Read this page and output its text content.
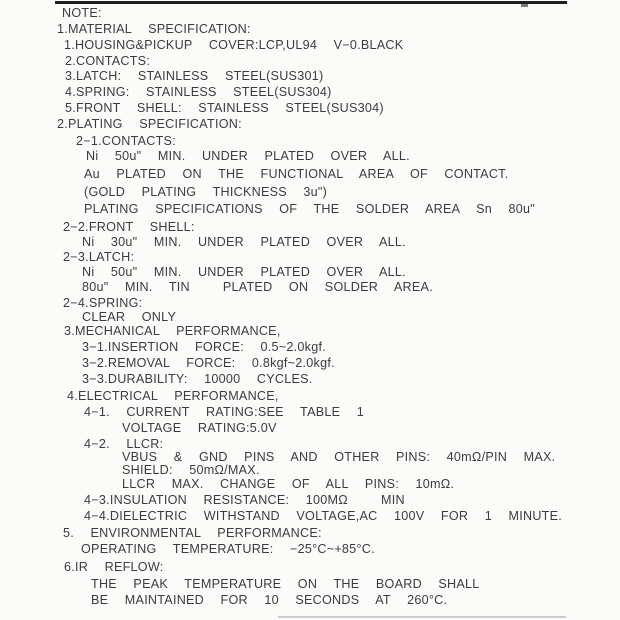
NOTE:
1.MATERIAL  SPECIFICATION:
1.HOUSING&PICKUP  COVER:LCP,UL94  V−0.BLACK
2.CONTACTS:
3.LATCH:  STAINLESS  STEEL(SUS301)
4.SPRING:  STAINLESS  STEEL(SUS304)
5.FRONT  SHELL:  STAINLESS  STEEL(SUS304)
2.PLATING  SPECIFICATION:
2−1.CONTACTS:
Ni  50u"  MIN.  UNDER  PLATED  OVER  ALL.
Au  PLATED  ON  THE  FUNCTIONAL  AREA  OF  CONTACT.
(GOLD  PLATING  THICKNESS  3u")
PLATING  SPECIFICATIONS  OF  THE  SOLDER  AREA  Sn  80u"
2−2.FRONT  SHELL:
Ni  30u"  MIN.  UNDER  PLATED  OVER  ALL.
2−3.LATCH:
Ni  50u"  MIN.  UNDER  PLATED  OVER  ALL.
80u"  MIN.  TIN    PLATED  ON  SOLDER  AREA.
2−4.SPRING:
CLEAR  ONLY
3.MECHANICAL  PERFORMANCE,
3−1.INSERTION  FORCE:  0.5~2.0kgf.
3−2.REMOVAL  FORCE:  0.8kgf~2.0kgf.
3−3.DURABILITY:  10000  CYCLES.
4.ELECTRICAL  PERFORMANCE,
4−1.  CURRENT  RATING:SEE  TABLE  1
VOLTAGE  RATING:5.0V
4−2.  LLCR:
VBUS  &  GND  PINS  AND  OTHER  PINS:  40mΩ/PIN  MAX.
SHIELD:  50mΩ/MAX.
LLCR  MAX.  CHANGE  OF  ALL  PINS:  10mΩ.
4−3.INSULATION  RESISTANCE:  100MΩ    MIN
4−4.DIELECTRIC  WITHSTAND  VOLTAGE,AC  100V  FOR  1  MINUTE.
5.  ENVIRONMENTAL  PERFORMANCE:
OPERATING  TEMPERATURE:  −25°C~+85°C.
6.IR  REFLOW:
THE  PEAK  TEMPERATURE  ON  THE  BOARD  SHALL
BE  MAINTAINED  FOR  10  SECONDS  AT  260°C.
